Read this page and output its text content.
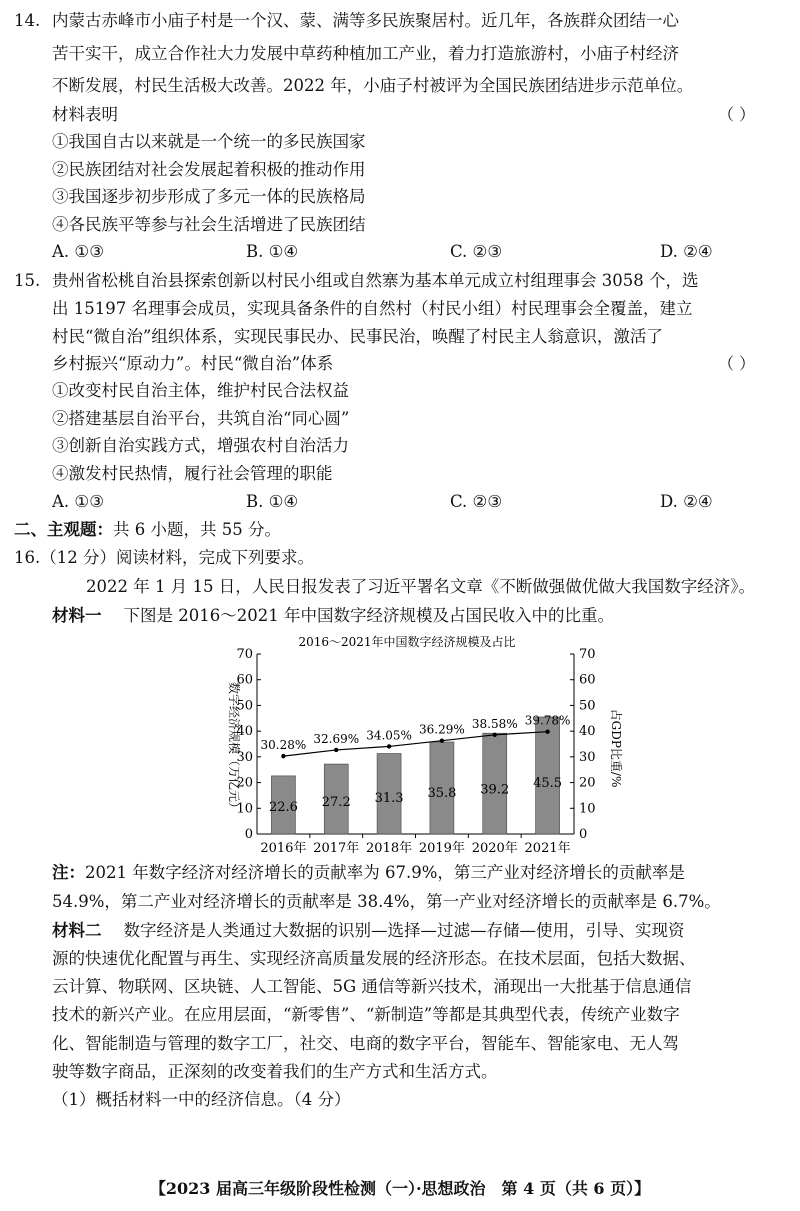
14. 内蒙古赤峰市小庙子村是一个汉、蒙、满等多民族聚居村。近几年，各族群众团结一心
苦干实干，成立合作社大力发展中草药种植加工产业，着力打造旅游村，小庙子村经济
不断发展，村民生活极大改善。2022 年，小庙子村被评为全国民族团结进步示范单位。
材料表明	（ ）
①我国自古以来就是一个统一的多民族国家
②民族团结对社会发展起着积极的推动作用
③我国逐步初步形成了多元一体的民族格局
④各民族平等参与社会生活增进了民族团结
A. ①③	B. ①④	C. ②③	D. ②④
15. 贵州省松桃自治县探索创新以村民小组或自然寨为基本单元成立村组理事会 3058 个，选
出 15197 名理事会成员，实现具备条件的自然村（村民小组）村民理事会全覆盖，建立
村民“微自治”组织体系，实现民事民办、民事民治，唤醒了村民主人翁意识，激活了
乡村振兴“原动力”。村民“微自治”体系	（ ）
①改变村民自治主体，维护村民合法权益
②搭建基层自治平台，共筑自治“同心圆”
③创新自治实践方式，增强农村自治活力
④激发村民热情，履行社会管理的职能
A. ①③	B. ①④	C. ②③	D. ②④
二、主观题：共 6 小题，共 55 分。
16.（12 分）阅读材料，完成下列要求。
2022 年 1 月 15 日，人民日报发表了习近平署名文章《不断做强做优做大我国数字经济》。
材料一 下图是 2016～2021 年中国数字经济规模及占国民收入中的比重。
2016～2021年中国数字经济规模及占比
数字经济规模（万亿元）	占GDP比重/%
0	0
10	10
20	20
30	30
40	40
50	50
60	60
70	70
22.6
2016年
27.2
2017年
31.3
2018年
35.8
2019年
39.2
2020年
45.5
2021年
30.28% 32.69% 34.05% 36.29% 38.58% 39.78%
注：2021 年数字经济对经济增长的贡献率为 67.9%，第三产业对经济增长的贡献率是
54.9%，第二产业对经济增长的贡献率是 38.4%，第一产业对经济增长的贡献率是 6.7%。
材料二 数字经济是人类通过大数据的识别—选择—过滤—存储—使用，引导、实现资
源的快速优化配置与再生、实现经济高质量发展的经济形态。在技术层面，包括大数据、
云计算、物联网、区块链、人工智能、5G 通信等新兴技术，涌现出一大批基于信息通信
技术的新兴产业。在应用层面，“新零售”、“新制造”等都是其典型代表，传统产业数字
化、智能制造与管理的数字工厂，社交、电商的数字平台，智能车、智能家电、无人驾
驶等数字商品，正深刻的改变着我们的生产方式和生活方式。
（1）概括材料一中的经济信息。（4 分）
【2023 届高三年级阶段性检测（一）·思想政治　第 4 页（共 6 页）】
